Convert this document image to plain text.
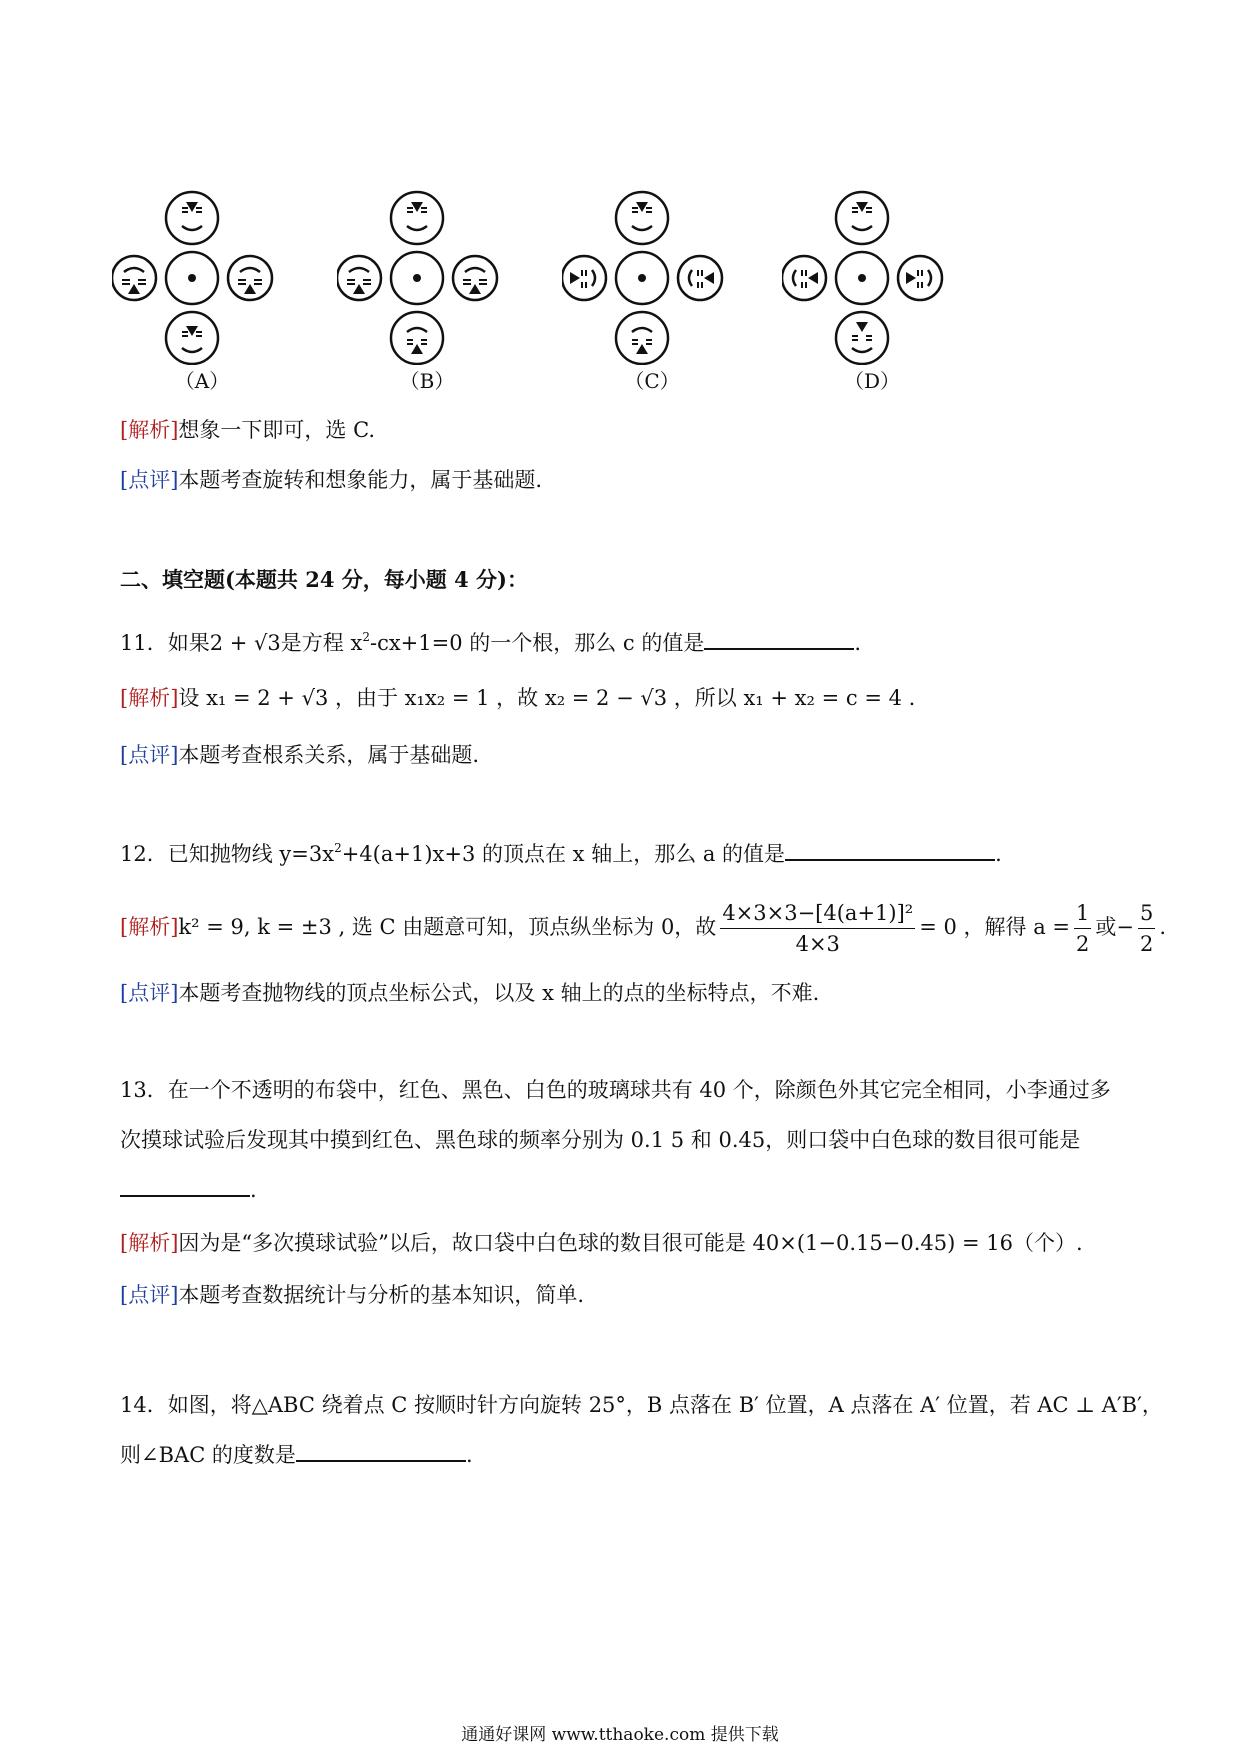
（A）	（B）	（C）	（D）
[解析]想象一下即可，选 C.
[点评]本题考查旋转和想象能力，属于基础题.
二、填空题(本题共 24 分，每小题 4 分)：
11．如果2 + √3是方程 $x^2-cx+1=0$ 的一个根，那么 c 的值是	.
[解析]设 x₁ = 2 + √3 ，由于 x₁x₂ = 1 ，故 x₂ = 2 − √3 ，所以 x₁ + x₂ = c = 4 .
[点评]本题考查根系关系，属于基础题.
12．已知抛物线 $y=3x^2+4(a+1)x+3$ 的顶点在 x 轴上，那么 a 的值是	.
[解析]k² = 9, k = ±3 , 选 C 由题意可知，顶点纵坐标为 0，故 $\frac{\text{4×3×3−[4(a+1)]²}}{4\times 3} = 0$ ，解得 $a = \frac{1}{2}$ 或− $\frac{5}{2}$ .
[点评]本题考查抛物线的顶点坐标公式，以及 x 轴上的点的坐标特点，不难.
13．在一个不透明的布袋中，红色、黑色、白色的玻璃球共有 40 个，除颜色外其它完全相同，小李通过多
次摸球试验后发现其中摸到红色、黑色球的频率分别为 0.1 5 和 0.45，则口袋中白色球的数目很可能是
.
[解析]因为是“多次摸球试验”以后，故口袋中白色球的数目很可能是 40×(1−0.15−0.45) = 16（个）.
[点评]本题考查数据统计与分析的基本知识，简单.
14．如图，将△ABC 绕着点 C 按顺时针方向旋转 25°，B 点落在 B′ 位置，A 点落在 A′ 位置，若 AC ⊥ A′B′，
则∠BAC 的度数是	.
通通好课网 www.tthaoke.com 提供下载
